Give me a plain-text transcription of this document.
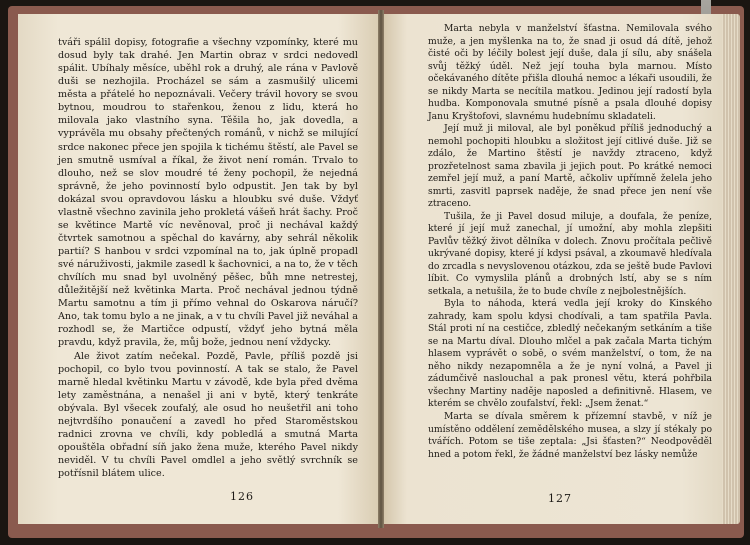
tváři spálil dopisy, fotografie a všechny vzpomínky, které mu dosud byly tak drahé. Jen Martin obraz v srdci nedovedl spálit. Ubíhaly měsíce, uběhl rok a druhý, ale rána v Pavlově duši se nezhojila. Procházel se sám a zasmušilý ulicemi města a přátelé ho nepoznávali. Večery trávil hovory se svou bytnou, moudrou to stařenkou, ženou z lidu, která ho milovala jako vlastního syna. Těšila ho, jak dovedla, a vyprávěla mu obsahy přečtených románů, v nichž se milující srdce nakonec přece jen spojila k tichému štěstí, ale Pavel se jen smutně usmíval a říkal, že život není román. Trvalo to dlouho, než se slov moudré té ženy pochopil, že nejedná správně, že jeho povinností bylo odpustit. Jen tak by byl dokázal svou opravdovou lásku a hloubku své duše. Vždyť vlastně všechno zavinila jeho prokletá vášeň hrát šachy. Proč se květince Martě víc nevěnoval, proč ji nechával každý čtvrtek samotnou a spěchal do kavárny, aby sehrál několik partií? S hanbou v srdci vzpomínal na to, jak úplně propadl své náruživosti, jakmile zasedl k šachovnici, a na to, že v těch chvílích mu snad byl uvolněný pěšec, bůh mne netrestej, důležitější než květinka Marta. Proč nechával jednou týdně Martu samotnu a tím ji přímo vehnal do Oskarova náručí? Ano, tak tomu bylo a ne jinak, a v tu chvíli Pavel již neváhal a rozhodl se, že Martičce odpustí, vždyť jeho bytná měla pravdu, když pravila, že, můj bože, jednou není vždycky.

Ale život zatím nečekal. Pozdě, Pavle, příliš pozdě jsi pochopil, co bylo tvou povinností. A tak se stalo, že Pavel marně hledal květinku Martu v závodě, kde byla před dvěma lety zaměstnána, a nenašel ji ani v bytě, který tenkráte obývala. Byl všecek zoufalý, ale osud ho neušetřil ani toho nejtvrdšího ponaučení a zavedl ho před Staroměstskou radnici zrovna ve chvíli, kdy pobledlá a smutná Marta opouštěla obřadní síň jako žena muže, kterého Pavel nikdy neviděl. V tu chvíli Pavel omdlel a jeho světlý svrchník se potřísnil blátem ulice.

126

Marta nebyla v manželství šťastna. Nemilovala svého muže, a jen myšlenka na to, že snad ji osud dá dítě, jehož čisté oči by léčily bolest její duše, dala jí sílu, aby snášela svůj těžký úděl. Než její touha byla marnou. Místo očekávaného dítěte přišla dlouhá nemoc a lékaři usoudili, že se nikdy Marta se necítila matkou. Jedinou její radostí byla hudba. Komponovala smutné písně a psala dlouhé dopisy Janu Kryštofovi, slavnému hudebnímu skladateli.

Její muž ji miloval, ale byl poněkud příliš jednoduchý a nemohl pochopiti hloubku a složitost její citlivé duše. Již se zdálo, že Martino štěstí je navždy ztraceno, když prozřetelnost sama zbavila ji jejich pout. Po krátké nemoci zemřel její muž, a paní Martě, ačkoliv upřímně želela jeho smrti, zasvitl paprsek naděje, že snad přece jen není vše ztraceno.

Tušila, že ji Pavel dosud miluje, a doufala, že peníze, které jí její muž zanechal, jí umožní, aby mohla zlepšiti Pavlův těžký život dělníka v dolech. Znovu pročítala pečlivě ukrývané dopisy, které jí kdysi psával, a zkoumavě hledívala do zrcadla s nevyslovenou otázkou, zda se ještě bude Pavlovi líbit. Co vymyslila plánů a drobných lstí, aby se s ním setkala, a netušila, že to bude chvíle z nejbolestnějších.

Byla to náhoda, která vedla její kroky do Kinského zahrady, kam spolu kdysi chodívali, a tam spatřila Pavla. Stál proti ní na cestičce, zbledlý nečekaným setkáním a tiše se na Martu díval. Dlouho mlčel a pak začala Marta tichým hlasem vyprávět o sobě, o svém manželství, o tom, že na něho nikdy nezapomněla a že je nyní volná, a Pavel ji zádumčivě naslouchal a pak pronesl větu, která pohřbila všechny Martiny naděje naposled a definitivně. Hlasem, ve kterém se chvělo zoufalství, řekl: „Jsem ženat.“

Marta se dívala směrem k přízemní stavbě, v níž je umístěno oddělení zemědělského musea, a slzy jí stékaly po tvářích. Potom se tiše zeptala: „Jsi šťasten?“ Neodpověděl hned a potom řekl, že žádné manželství bez lásky nemůže

127
